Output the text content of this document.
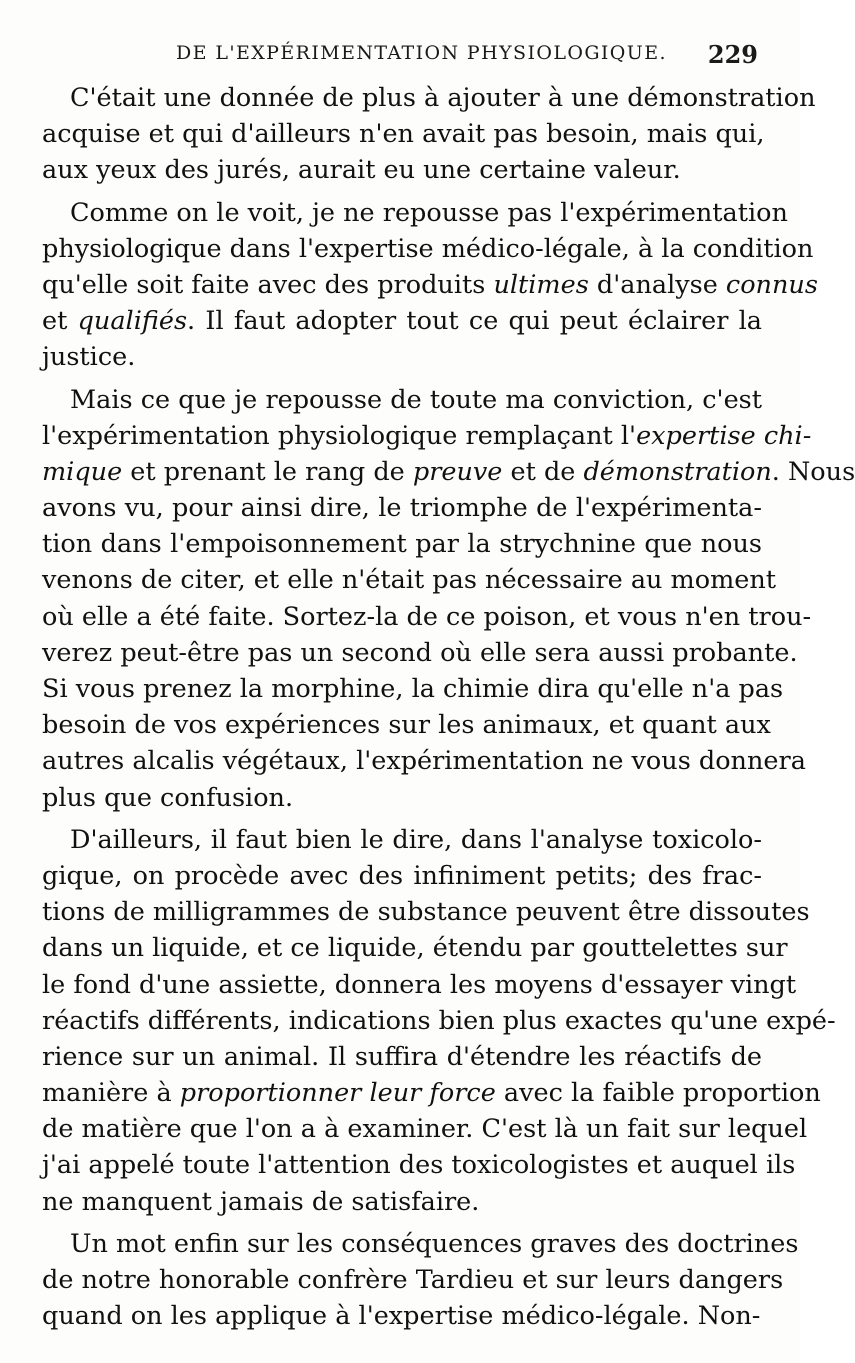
DE L'EXPÉRIMENTATION PHYSIOLOGIQUE. 229
C'était une donnée de plus à ajouter à une démonstration
acquise et qui d'ailleurs n'en avait pas besoin, mais qui,
aux yeux des jurés, aurait eu une certaine valeur.
Comme on le voit, je ne repousse pas l'expérimentation
physiologique dans l'expertise médico-légale, à la condition
qu'elle soit faite avec des produits ultimes d'analyse connus
et qualifiés. Il faut adopter tout ce qui peut éclairer la
justice.
Mais ce que je repousse de toute ma conviction, c'est
l'expérimentation physiologique remplaçant l'expertise chi-
mique et prenant le rang de preuve et de démonstration. Nous
avons vu, pour ainsi dire, le triomphe de l'expérimenta-
tion dans l'empoisonnement par la strychnine que nous
venons de citer, et elle n'était pas nécessaire au moment
où elle a été faite. Sortez-la de ce poison, et vous n'en trou-
verez peut-être pas un second où elle sera aussi probante.
Si vous prenez la morphine, la chimie dira qu'elle n'a pas
besoin de vos expériences sur les animaux, et quant aux
autres alcalis végétaux, l'expérimentation ne vous donnera
plus que confusion.
D'ailleurs, il faut bien le dire, dans l'analyse toxicolo-
gique, on procède avec des infiniment petits; des frac-
tions de milligrammes de substance peuvent être dissoutes
dans un liquide, et ce liquide, étendu par gouttelettes sur
le fond d'une assiette, donnera les moyens d'essayer vingt
réactifs différents, indications bien plus exactes qu'une expé-
rience sur un animal. Il suffira d'étendre les réactifs de
manière à proportionner leur force avec la faible proportion
de matière que l'on a à examiner. C'est là un fait sur lequel
j'ai appelé toute l'attention des toxicologistes et auquel ils
ne manquent jamais de satisfaire.
Un mot enfin sur les conséquences graves des doctrines
de notre honorable confrère Tardieu et sur leurs dangers
quand on les applique à l'expertise médico-légale. Non-
